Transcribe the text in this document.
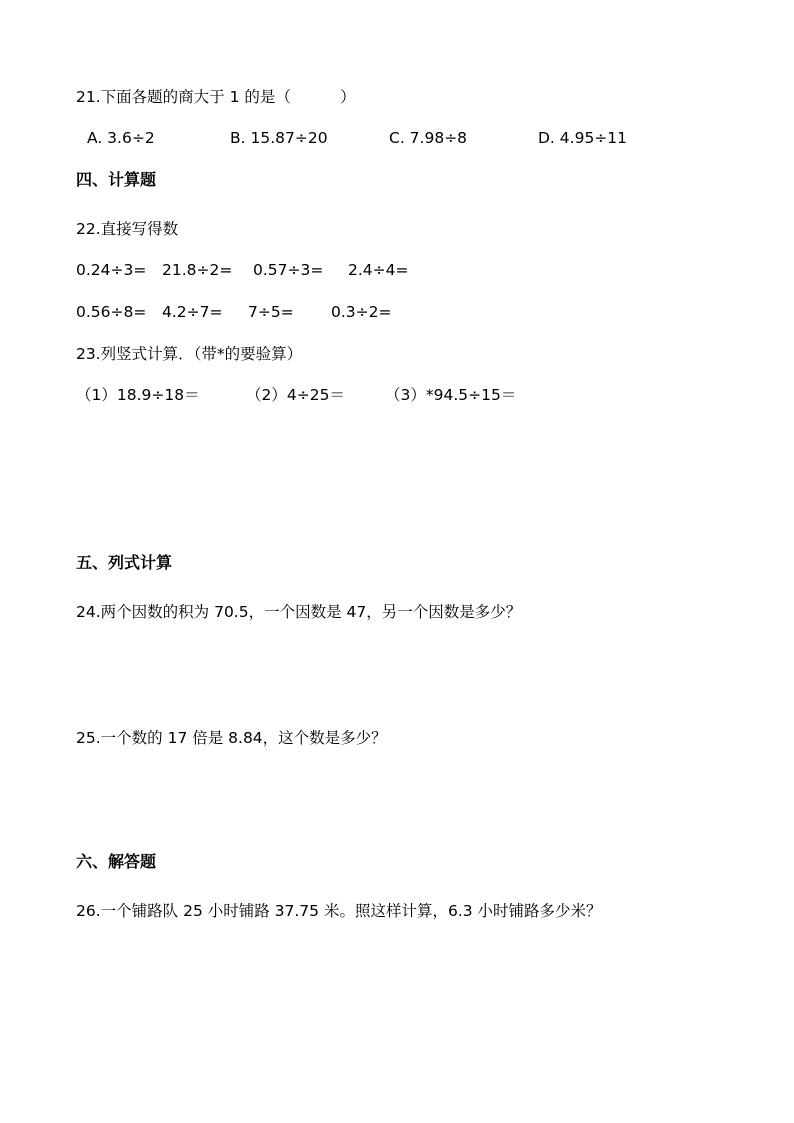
21.下面各题的商大于 1 的是（          ）
A. 3.6÷2	B. 15.87÷20	C. 7.98÷8	D. 4.95÷11
四、计算题
22.直接写得数
0.24÷3= 21.8÷2= 0.57÷3= 2.4÷4=
0.56÷8= 4.2÷7= 7÷5= 0.3÷2=
23.列竖式计算．（带*的要验算）
（1）18.9÷18＝	（2）4÷25＝	（3）*94.5÷15＝
五、列式计算
24.两个因数的积为 70.5，一个因数是 47，另一个因数是多少？
25.一个数的 17 倍是 8.84，这个数是多少？
六、解答题
26.一个铺路队 25 小时铺路 37.75 米。照这样计算，6.3 小时铺路多少米？
